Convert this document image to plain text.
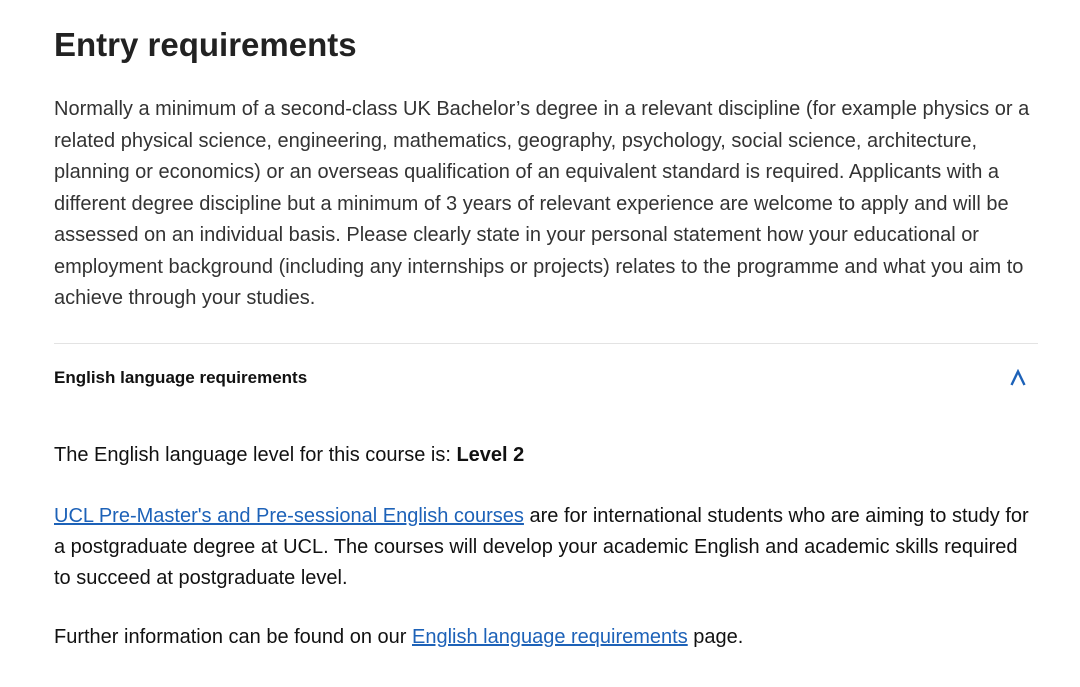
Entry requirements

Normally a minimum of a second-class UK Bachelor’s degree in a relevant discipline (for example physics or a related physical science, engineering, mathematics, geography, psychology, social science, architecture, planning or economics) or an overseas qualification of an equivalent standard is required. Applicants with a different degree discipline but a minimum of 3 years of relevant experience are welcome to apply and will be assessed on an individual basis. Please clearly state in your personal statement how your educational or employment background (including any internships or projects) relates to the programme and what you aim to achieve through your studies.

English language requirements

The English language level for this course is: Level 2

UCL Pre-Master's and Pre-sessional English courses are for international students who are aiming to study for a postgraduate degree at UCL. The courses will develop your academic English and academic skills required to succeed at postgraduate level.

Further information can be found on our English language requirements page.
